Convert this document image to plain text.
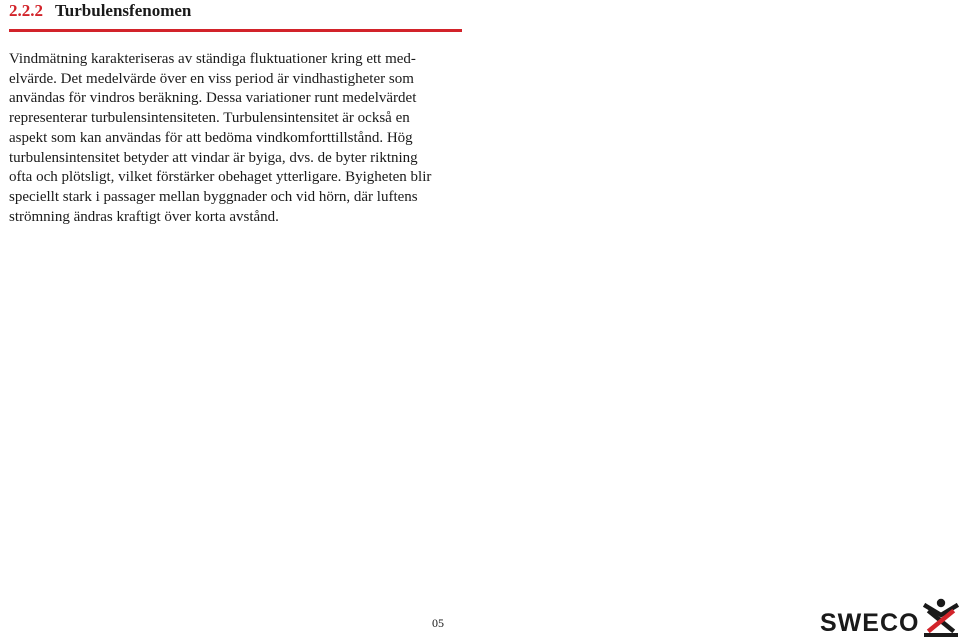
2.2.2 Turbulensfenomen

Vindmätning karakteriseras av ständiga fluktuationer kring ett med-

elvärde. Det medelvärde över en viss period är vindhastigheter som

användas för vindros beräkning. Dessa variationer runt medelvärdet

representerar turbulensintensiteten. Turbulensintensitet är också en

aspekt som kan användas för att bedöma vindkomforttillstånd. Hög

turbulensintensitet betyder att vindar är byiga, dvs. de byter riktning

ofta och plötsligt, vilket förstärker obehaget ytterligare. Byigheten blir

speciellt stark i passager mellan byggnader och vid hörn, där luftens

strömning ändras kraftigt över korta avstånd.

05	SWECO
